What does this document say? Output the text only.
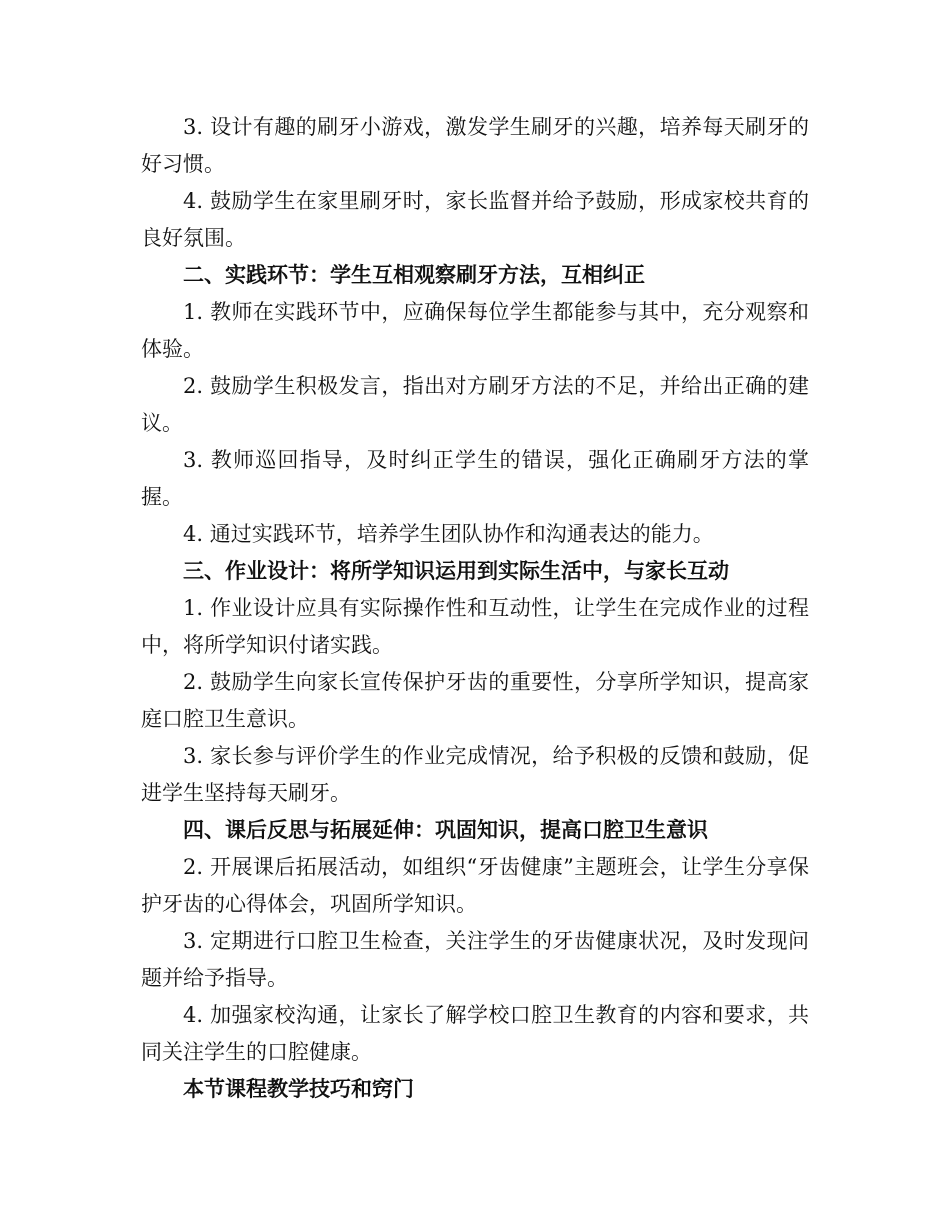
3. 设计有趣的刷牙小游戏，激发学生刷牙的兴趣，培养每天刷牙的好习惯。

4. 鼓励学生在家里刷牙时，家长监督并给予鼓励，形成家校共育的良好氛围。

二、实践环节：学生互相观察刷牙方法，互相纠正

1. 教师在实践环节中，应确保每位学生都能参与其中，充分观察和体验。

2. 鼓励学生积极发言，指出对方刷牙方法的不足，并给出正确的建议。

3. 教师巡回指导，及时纠正学生的错误，强化正确刷牙方法的掌握。

4. 通过实践环节，培养学生团队协作和沟通表达的能力。

三、作业设计：将所学知识运用到实际生活中，与家长互动

1. 作业设计应具有实际操作性和互动性，让学生在完成作业的过程中，将所学知识付诸实践。

2. 鼓励学生向家长宣传保护牙齿的重要性，分享所学知识，提高家庭口腔卫生意识。

3. 家长参与评价学生的作业完成情况，给予积极的反馈和鼓励，促进学生坚持每天刷牙。

四、课后反思与拓展延伸：巩固知识，提高口腔卫生意识

2. 开展课后拓展活动，如组织“牙齿健康”主题班会，让学生分享保护牙齿的心得体会，巩固所学知识。

3. 定期进行口腔卫生检查，关注学生的牙齿健康状况，及时发现问题并给予指导。

4. 加强家校沟通，让家长了解学校口腔卫生教育的内容和要求，共同关注学生的口腔健康。

本节课程教学技巧和窍门
